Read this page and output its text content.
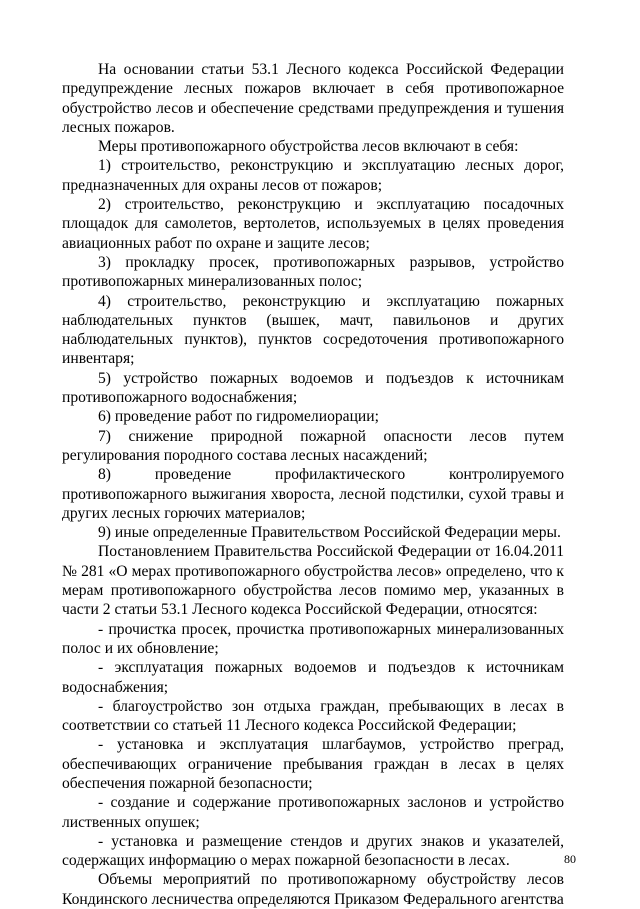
На основании статьи 53.1 Лесного кодекса Российской Федерации предупреждение лесных пожаров включает в себя противопожарное обустройство лесов и обеспечение средствами предупреждения и тушения лесных пожаров.

Меры противопожарного обустройства лесов включают в себя:

1) строительство, реконструкцию и эксплуатацию лесных дорог, предназначенных для охраны лесов от пожаров;

2) строительство, реконструкцию и эксплуатацию посадочных площадок для самолетов, вертолетов, используемых в целях проведения авиационных работ по охране и защите лесов;

3) прокладку просек, противопожарных разрывов, устройство противопожарных минерализованных полос;

4) строительство, реконструкцию и эксплуатацию пожарных наблюдательных пунктов (вышек, мачт, павильонов и других наблюдательных пунктов), пунктов сосредоточения противопожарного инвентаря;

5) устройство пожарных водоемов и подъездов к источникам противопожарного водоснабжения;

6) проведение работ по гидромелиорации;

7) снижение природной пожарной опасности лесов путем регулирования породного состава лесных насаждений;

8) проведение профилактического контролируемого противопожарного выжигания хвороста, лесной подстилки, сухой травы и других лесных горючих материалов;

9) иные определенные Правительством Российской Федерации меры.

Постановлением Правительства Российской Федерации от 16.04.2011 № 281 «О мерах противопожарного обустройства лесов» определено, что к мерам противопожарного обустройства лесов помимо мер, указанных в части 2 статьи 53.1 Лесного кодекса Российской Федерации, относятся:

- прочистка просек, прочистка противопожарных минерализованных полос и их обновление;

- эксплуатация пожарных водоемов и подъездов к источникам водоснабжения;

- благоустройство зон отдыха граждан, пребывающих в лесах в соответствии со статьей 11 Лесного кодекса Российской Федерации;

- установка и эксплуатация шлагбаумов, устройство преград, обеспечивающих ограничение пребывания граждан в лесах в целях обеспечения пожарной безопасности;

- создание и содержание противопожарных заслонов и устройство лиственных опушек;

- установка и размещение стендов и других знаков и указателей, содержащих информацию о мерах пожарной безопасности в лесах.

Объемы мероприятий по противопожарному обустройству лесов Кондинского лесничества определяются Приказом Федерального агентства

80
